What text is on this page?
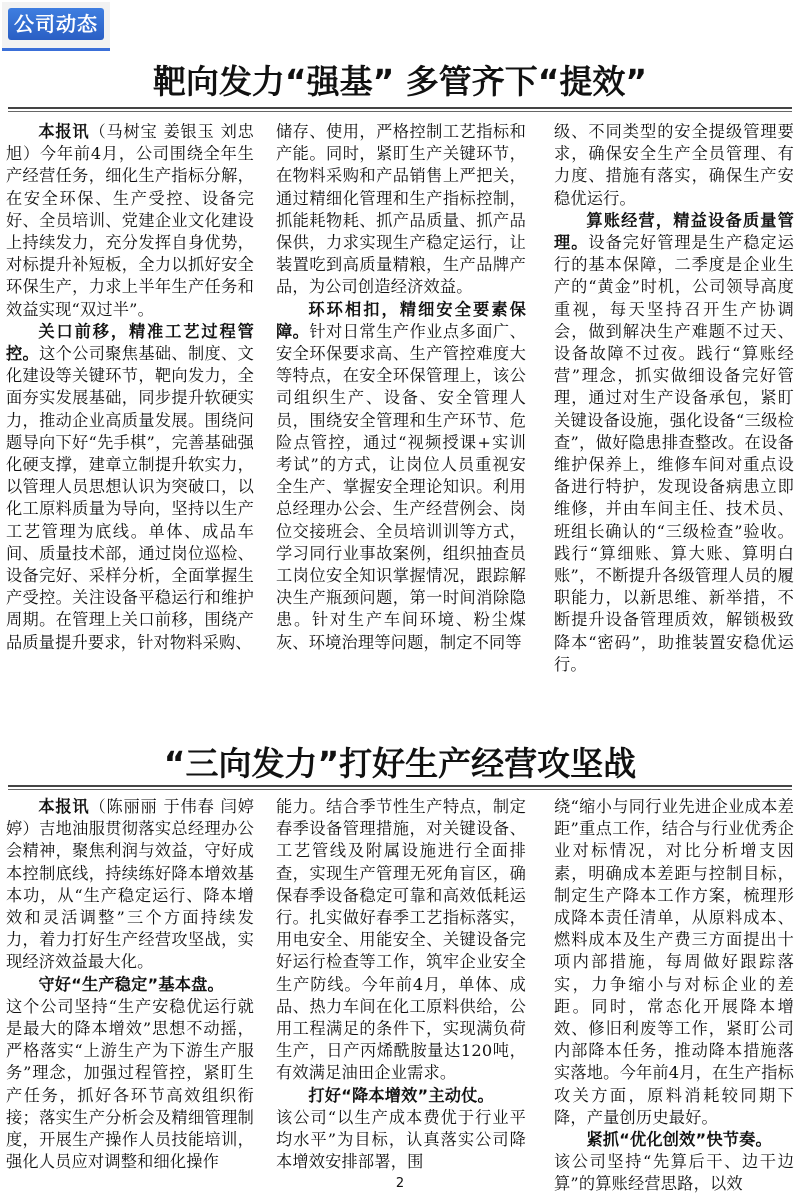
公司动态
靶向发力“强基” 多管齐下“提效”

本报讯（马树宝 姜银玉 刘忠旭）今年前4月，公司围绕全年生产经营任务，细化生产指标分解，在安全环保、生产受控、设备完好、全员培训、党建企业文化建设上持续发力，充分发挥自身优势，对标提升补短板，全力以抓好安全环保生产，力求上半年生产任务和效益实现“双过半”。

关口前移，精准工艺过程管控。这个公司聚焦基础、制度、文化建设等关键环节，靶向发力，全面夯实发展基础，同步提升软硬实力，推动企业高质量发展。围绕问题导向下好“先手棋”，完善基础强化硬支撑，建章立制提升软实力，以管理人员思想认识为突破口，以化工原料质量为导向，坚持以生产工艺管理为底线。单体、成品车间、质量技术部，通过岗位巡检、设备完好、采样分析，全面掌握生产受控。关注设备平稳运行和维护周期。在管理上关口前移，围绕产品质量提升要求，针对物料采购、

储存、使用，严格控制工艺指标和产能。同时，紧盯生产关键环节，在物料采购和产品销售上严把关，通过精细化管理和生产指标控制，抓能耗物耗、抓产品质量、抓产品保供，力求实现生产稳定运行，让装置吃到高质量精粮，生产品牌产品，为公司创造经济效益。

环环相扣，精细安全要素保障。针对日常生产作业点多面广、安全环保要求高、生产管控难度大等特点，在安全环保管理上，该公司组织生产、设备、安全管理人员，围绕安全管理和生产环节、危险点管控，通过“视频授课+实训考试”的方式，让岗位人员重视安全生产、掌握安全理论知识。利用总经理办公会、生产经营例会、岗位交接班会、全员培训训等方式，学习同行业事故案例，组织抽查员工岗位安全知识掌握情况，跟踪解决生产瓶颈问题，第一时间消除隐患。针对生产车间环境、粉尘煤灰、环境治理等问题，制定不同等

级、不同类型的安全提级管理要求，确保安全生产全员管理、有力度、措施有落实，确保生产安稳优运行。

算账经营，精益设备质量管理。设备完好管理是生产稳定运行的基本保障，二季度是企业生产的“黄金”时机，公司领导高度重视，每天坚持召开生产协调会，做到解决生产难题不过天、设备故障不过夜。践行“算账经营”理念，抓实做细设备完好管理，通过对生产设备承包，紧盯关键设备设施，强化设备“三级检查”，做好隐患排查整改。在设备维护保养上，维修车间对重点设备进行特护，发现设备病患立即维修，并由车间主任、技术员、班组长确认的“三级检查”验收。践行“算细账、算大账、算明白账”，不断提升各级管理人员的履职能力，以新思维、新举措，不断提升设备管理质效，解锁极致降本“密码”，助推装置安稳优运行。

“三向发力”打好生产经营攻坚战

本报讯（陈丽丽 于伟春 闫婷婷）吉地油服贯彻落实总经理办公会精神，聚焦利润与效益，守好成本控制底线，持续练好降本增效基本功，从“生产稳定运行、降本增效和灵活调整”三个方面持续发力，着力打好生产经营攻坚战，实现经济效益最大化。

守好“生产稳定”基本盘。

这个公司坚持“生产安稳优运行就是最大的降本增效”思想不动摇，严格落实“上游生产为下游生产服务”理念，加强过程管控，紧盯生产任务，抓好各环节高效组织衔接；落实生产分析会及精细管理制度，开展生产操作人员技能培训，强化人员应对调整和细化操作

能力。结合季节性生产特点，制定春季设备管理措施，对关键设备、工艺管线及附属设施进行全面排查，实现生产管理无死角盲区，确保春季设备稳定可靠和高效低耗运行。扎实做好春季工艺指标落实，用电安全、用能安全、关键设备完好运行检查等工作，筑牢企业安全生产防线。今年前4月，单体、成品、热力车间在化工原料供给，公用工程满足的条件下，实现满负荷生产，日产丙烯酰胺量达120吨，有效满足油田企业需求。

打好“降本增效”主动仗。

该公司“以生产成本费优于行业平均水平”为目标，认真落实公司降本增效安排部署，围

绕“缩小与同行业先进企业成本差距”重点工作，结合与行业优秀企业对标情况，对比分析增支因素，明确成本差距与控制目标，制定生产降本工作方案，梳理形成降本责任清单，从原料成本、燃料成本及生产费三方面提出十项内部措施，每周做好跟踪落实，力争缩小与对标企业的差距。同时，常态化开展降本增效、修旧利废等工作，紧盯公司内部降本任务，推动降本措施落实落地。今年前4月，在生产指标攻关方面，原料消耗较同期下降，产量创历史最好。

紧抓“优化创效”快节奏。

该公司坚持“先算后干、边干边算”的算账经营思路，以效

2
